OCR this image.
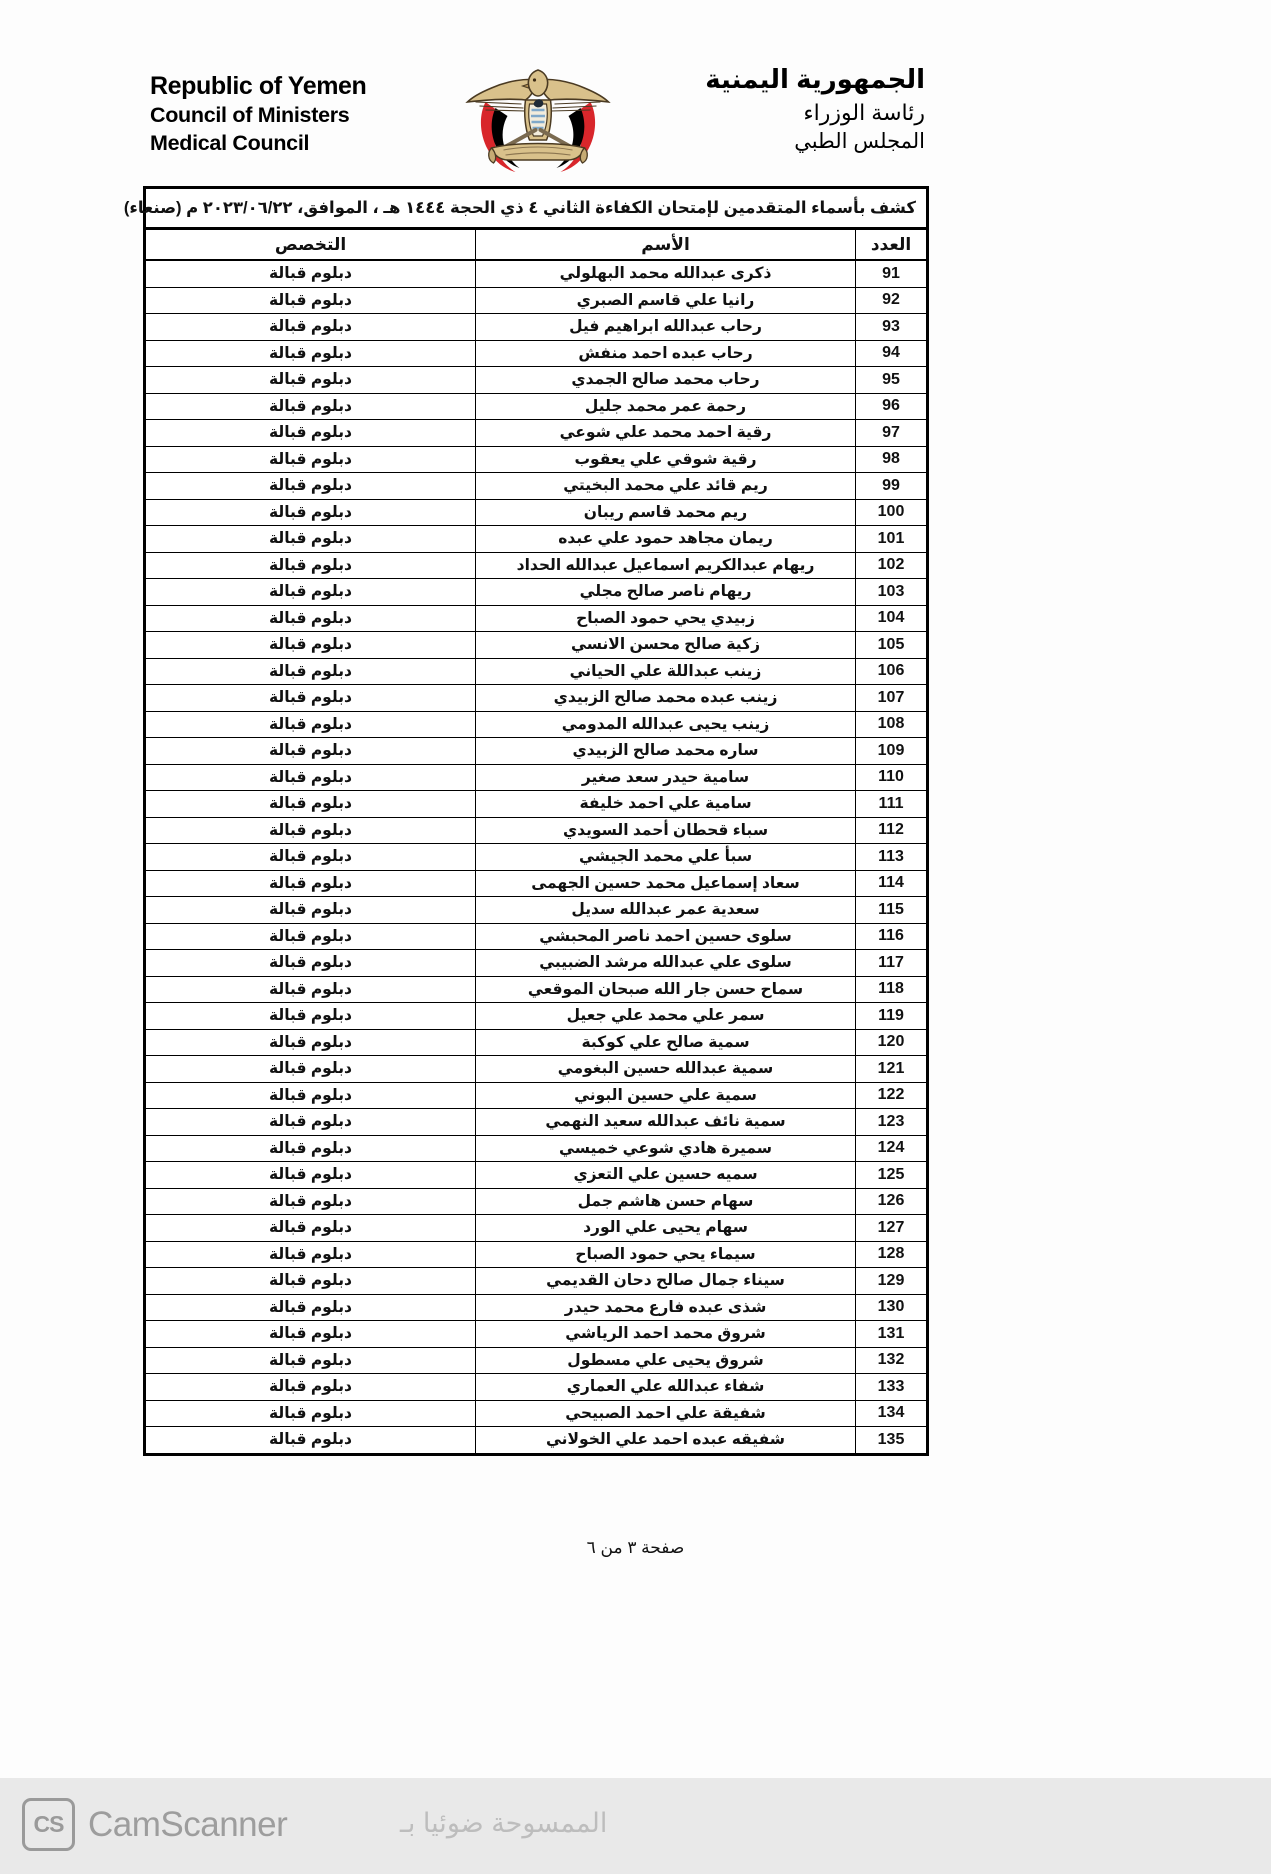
Republic of Yemen
Council of Ministers
Medical Council
الجمهورية اليمنية
رئاسة الوزراء
المجلس الطبي
كشف بأسماء المتقدمين لإمتحان الكفاءة الثاني ٤ ذي الحجة ١٤٤٤ هـ ، الموافق، ٢٠٢٣/٠٦/٢٢ م (صنعاء)		
العدد	الأسم	التخصص
91	ذكرى عبدالله محمد البهلولي	دبلوم قبالة
92	رانيا علي قاسم الصبري	دبلوم قبالة
93	رحاب عبدالله ابراهيم فيل	دبلوم قبالة
94	رحاب عبده احمد منفش	دبلوم قبالة
95	رحاب محمد صالح الجمدي	دبلوم قبالة
96	رحمة عمر محمد جليل	دبلوم قبالة
97	رقية احمد محمد علي شوعي	دبلوم قبالة
98	رقية شوقي علي يعقوب	دبلوم قبالة
99	ريم قائد علي محمد البخيتي	دبلوم قبالة
100	ريم محمد قاسم ريبان	دبلوم قبالة
101	ريمان مجاهد حمود علي عبده	دبلوم قبالة
102	ريهام عبدالكريم اسماعيل عبدالله الحداد	دبلوم قبالة
103	ريهام ناصر صالح مجلي	دبلوم قبالة
104	زبيدي يحي حمود الصباح	دبلوم قبالة
105	زكية صالح محسن الانسي	دبلوم قبالة
106	زينب عبداللة علي الحياني	دبلوم قبالة
107	زينب عبده محمد صالح الزبيدي	دبلوم قبالة
108	زينب يحيى عبدالله المدومي	دبلوم قبالة
109	ساره محمد صالح الزبيدي	دبلوم قبالة
110	سامية حيدر سعد صغير	دبلوم قبالة
111	سامية علي احمد خليفة	دبلوم قبالة
112	سباء قحطان أحمد السويدي	دبلوم قبالة
113	سبأ علي محمد الجيشي	دبلوم قبالة
114	سعاد إسماعيل محمد حسين الجهمى	دبلوم قبالة
115	سعدية عمر عبدالله سديل	دبلوم قبالة
116	سلوى حسين احمد ناصر المحبشي	دبلوم قبالة
117	سلوى علي عبدالله مرشد الضبيبي	دبلوم قبالة
118	سماح حسن جار الله صبحان الموقعي	دبلوم قبالة
119	سمر علي محمد علي جعيل	دبلوم قبالة
120	سمية صالح علي كوكبة	دبلوم قبالة
121	سمية عبدالله حسين البغومي	دبلوم قبالة
122	سمية علي حسين البوني	دبلوم قبالة
123	سمية نائف عبدالله سعيد النهمي	دبلوم قبالة
124	سميرة هادي شوعي خميسي	دبلوم قبالة
125	سميه حسين علي التعزي	دبلوم قبالة
126	سهام حسن هاشم جمل	دبلوم قبالة
127	سهام يحيى علي الورد	دبلوم قبالة
128	سيماء يحي حمود الصباح	دبلوم قبالة
129	سيناء جمال صالح دحان القديمي	دبلوم قبالة
130	شذى عبده فارع محمد حيدر	دبلوم قبالة
131	شروق محمد احمد الرياشي	دبلوم قبالة
132	شروق يحيى علي مسطول	دبلوم قبالة
133	شفاء عبدالله علي العماري	دبلوم قبالة
134	شفيقة علي احمد الصبيحي	دبلوم قبالة
135	شفيقه عبده احمد علي الخولاني	دبلوم قبالة
صفحة ٣ من ٦
CS CamScanner	الممسوحة ضوئيا بـ
